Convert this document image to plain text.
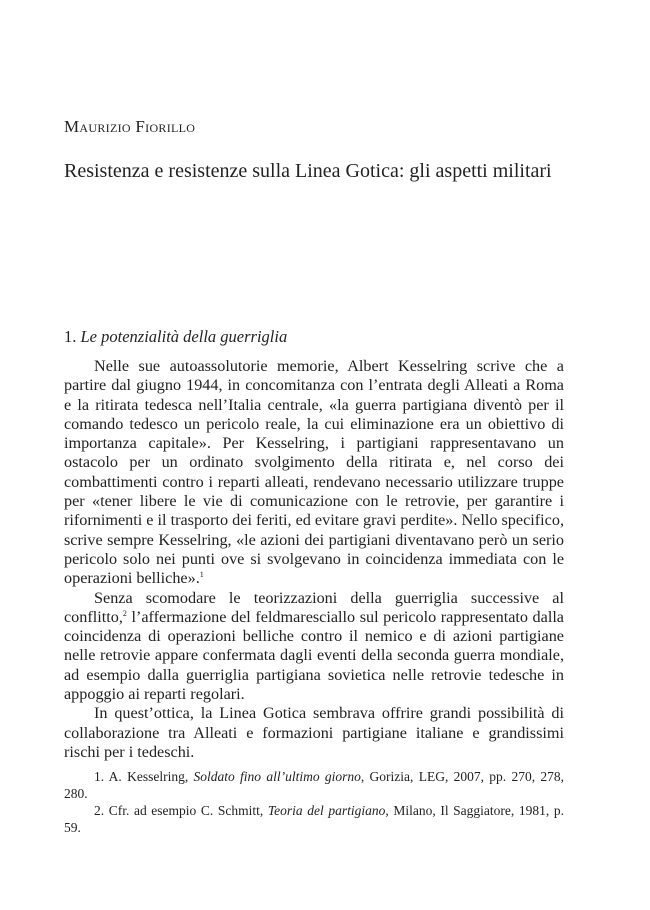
Maurizio Fiorillo
Resistenza e resistenze sulla Linea Gotica: gli aspetti militari
1. Le potenzialità della guerriglia

Nelle sue autoassolutorie memorie, Albert Kesselring scrive che a partire dal giugno 1944, in concomitanza con l’entrata degli Alleati a Roma e la ritirata tedesca nell’Italia centrale, «la guerra partigiana diventò per il comando tedesco un pericolo reale, la cui eliminazione era un obiettivo di importanza capitale». Per Kesselring, i partigiani rappresentavano un ostacolo per un ordinato svolgimento della ritirata e, nel corso dei combattimenti contro i reparti alleati, rendevano necessario utilizzare truppe per «tener libere le vie di comunicazione con le retrovie, per garantire i rifornimenti e il trasporto dei feriti, ed evitare gravi perdite». Nello specifico, scrive sempre Kesselring, «le azioni dei partigiani diventavano però un serio pericolo solo nei punti ove si svolgevano in coincidenza immediata con le operazioni belliche».$^1$

Senza scomodare le teorizzazioni della guerriglia successive al conflitto,$^2$ l’affermazione del feldmaresciallo sul pericolo rappresentato dalla coincidenza di operazioni belliche contro il nemico e di azioni partigiane nelle retrovie appare confermata dagli eventi della seconda guerra mondiale, ad esempio dalla guerriglia partigiana sovietica nelle retrovie tedesche in appoggio ai reparti regolari.

In quest’ottica, la Linea Gotica sembrava offrire grandi possibilità di collaborazione tra Alleati e formazioni partigiane italiane e grandissimi rischi per i tedeschi.

1. A. Kesselring, Soldato fino all’ultimo giorno, Gorizia, LEG, 2007, pp. 270, 278, 280.

2. Cfr. ad esempio C. Schmitt, Teoria del partigiano, Milano, Il Saggiatore, 1981, p. 59.
